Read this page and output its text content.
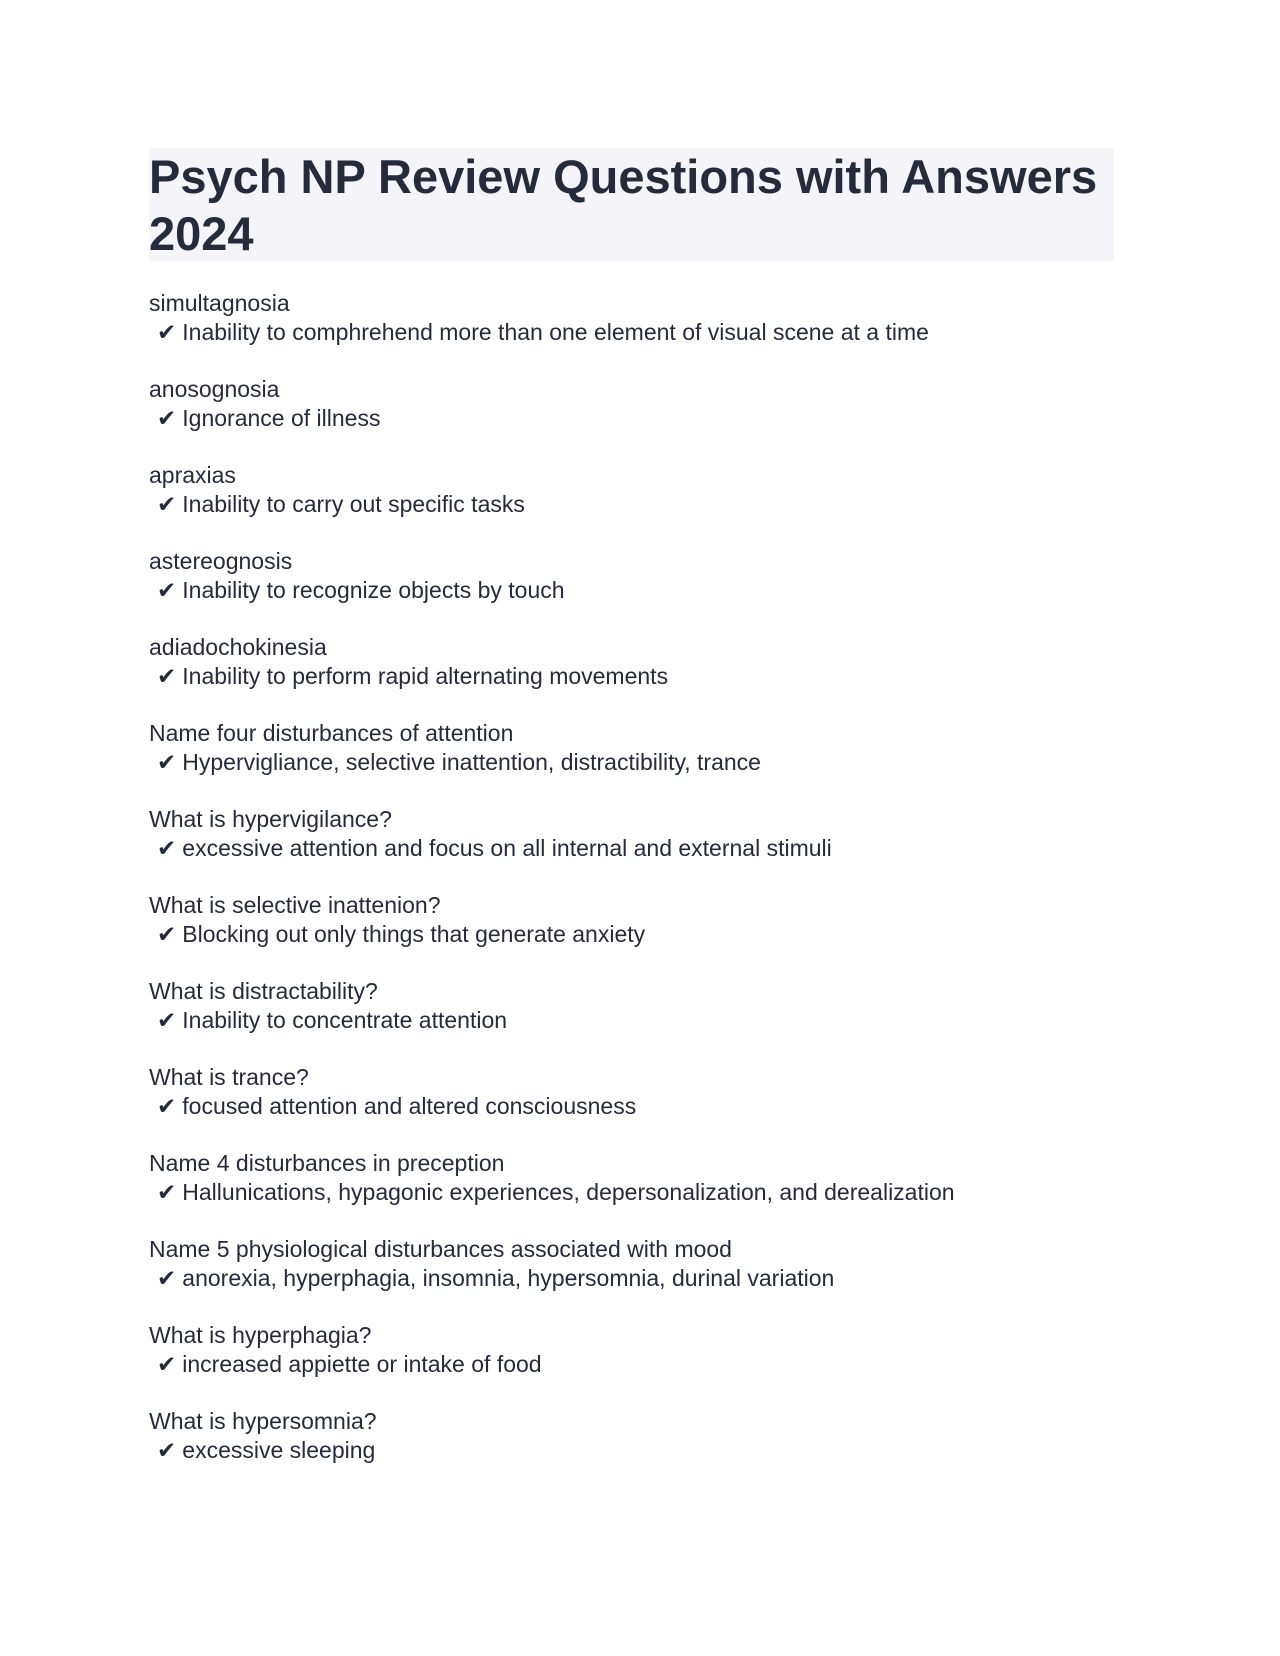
Psych NP Review Questions with Answers 2024
simultagnosia
✔ Inability to comphrehend more than one element of visual scene at a time
anosognosia
✔ Ignorance of illness
apraxias
✔ Inability to carry out specific tasks
astereognosis
✔ Inability to recognize objects by touch
adiadochokinesia
✔ Inability to perform rapid alternating movements
Name four disturbances of attention
✔ Hypervigliance, selective inattention, distractibility, trance
What is hypervigilance?
✔ excessive attention and focus on all internal and external stimuli
What is selective inattenion?
✔ Blocking out only things that generate anxiety
What is distractability?
✔ Inability to concentrate attention
What is trance?
✔ focused attention and altered consciousness
Name 4 disturbances in preception
✔ Hallunications, hypagonic experiences, depersonalization, and derealization
Name 5 physiological disturbances associated with mood
✔ anorexia, hyperphagia, insomnia, hypersomnia, durinal variation
What is hyperphagia?
✔ increased appiette or intake of food
What is hypersomnia?
✔ excessive sleeping
